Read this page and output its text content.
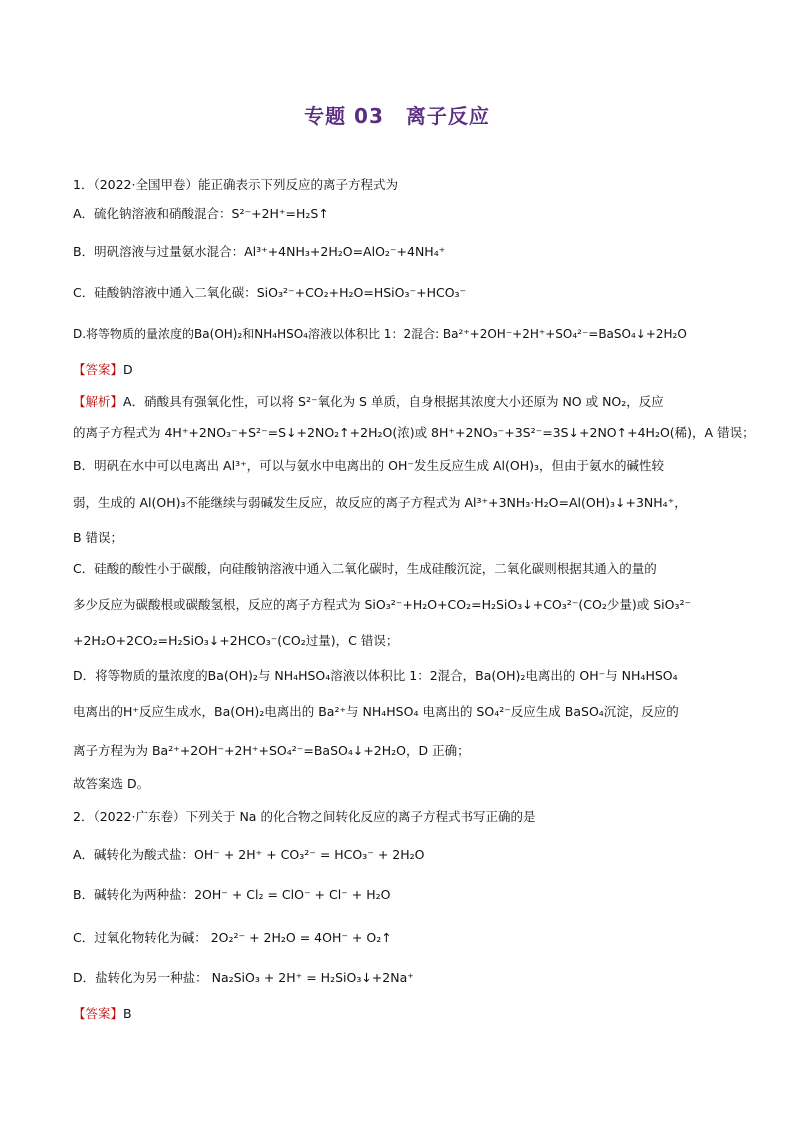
专题 03 离子反应
1．（2022·全国甲卷）能正确表示下列反应的离子方程式为
A．硫化钠溶液和硝酸混合：S²⁻+2H⁺=H₂S↑
B．明矾溶液与过量氨水混合：Al³⁺+4NH₃+2H₂O=AlO₂⁻+4NH₄⁺
C．硅酸钠溶液中通入二氧化碳：SiO₃²⁻+CO₂+H₂O=HSiO₃⁻+HCO₃⁻
D.将等物质的量浓度的Ba(OH)₂和NH₄HSO₄溶液以体积比 1：2混合: Ba²⁺+2OH⁻+2H⁺+SO₄²⁻=BaSO₄↓+2H₂O
【答案】D
【解析】A．硝酸具有强氧化性，可以将 S²⁻氧化为 S 单质，自身根据其浓度大小还原为 NO 或 NO₂，反应
的离子方程式为 4H⁺+2NO₃⁻+S²⁻=S↓+2NO₂↑+2H₂O(浓)或 8H⁺+2NO₃⁻+3S²⁻=3S↓+2NO↑+4H₂O(稀)，A 错误；
B．明矾在水中可以电离出 Al³⁺，可以与氨水中电离出的 OH⁻发生反应生成 Al(OH)₃，但由于氨水的碱性较
弱，生成的 Al(OH)₃不能继续与弱碱发生反应，故反应的离子方程式为 Al³⁺+3NH₃·H₂O=Al(OH)₃↓+3NH₄⁺，
B 错误；
C．硅酸的酸性小于碳酸，向硅酸钠溶液中通入二氧化碳时，生成硅酸沉淀，二氧化碳则根据其通入的量的
多少反应为碳酸根或碳酸氢根，反应的离子方程式为 SiO₃²⁻+H₂O+CO₂=H₂SiO₃↓+CO₃²⁻(CO₂少量)或 SiO₃²⁻
+2H₂O+2CO₂=H₂SiO₃↓+2HCO₃⁻(CO₂过量)，C 错误；
D．将等物质的量浓度的Ba(OH)₂与 NH₄HSO₄溶液以体积比 1：2混合，Ba(OH)₂电离出的 OH⁻与 NH₄HSO₄
电离出的H⁺反应生成水，Ba(OH)₂电离出的 Ba²⁺与 NH₄HSO₄ 电离出的 SO₄²⁻反应生成 BaSO₄沉淀，反应的
离子方程为为 Ba²⁺+2OH⁻+2H⁺+SO₄²⁻=BaSO₄↓+2H₂O，D 正确；
故答案选 D。
2．（2022·广东卷）下列关于 Na 的化合物之间转化反应的离子方程式书写正确的是
A．碱转化为酸式盐：OH⁻ + 2H⁺ + CO₃²⁻ = HCO₃⁻ + 2H₂O
B．碱转化为两种盐：2OH⁻ + Cl₂ = ClO⁻ + Cl⁻ + H₂O
C．过氧化物转化为碱： 2O₂²⁻ + 2H₂O = 4OH⁻ + O₂↑
D．盐转化为另一种盐： Na₂SiO₃ + 2H⁺ = H₂SiO₃↓+2Na⁺
【答案】B
